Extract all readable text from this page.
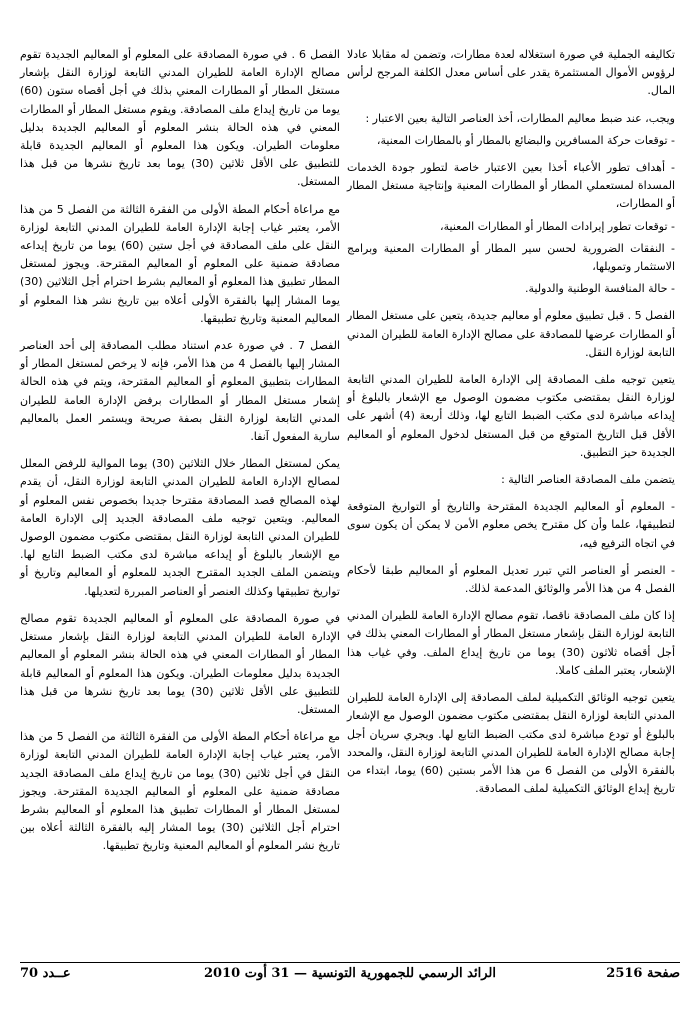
تكاليفه الجملية في صورة استغلاله لعدة مطارات، وتضمن له مقابلا عادلا لرؤوس الأموال المستثمرة يقدر على أساس معدل الكلفة المرجح لرأس المال.

ويجب، عند ضبط معاليم المطارات، أخذ العناصر التالية بعين الاعتبار :

- توقعات حركة المسافرين والبضائع بالمطار أو بالمطارات المعنية،

- أهداف تطور الأعباء أخذا بعين الاعتبار خاصة لتطور جودة الخدمات المسداة لمستعملي المطار أو المطارات المعنية وإنتاجية مستغل المطار أو المطارات،

- توقعات تطور إيرادات المطار أو المطارات المعنية،

- النفقات الضرورية لحسن سير المطار أو المطارات المعنية وبرامج الاستثمار وتمويلها،

- حالة المنافسة الوطنية والدولية.

الفصل 5 . قبل تطبيق معلوم أو معاليم جديدة، يتعين على مستغل المطار أو المطارات عرضها للمصادقة على مصالح الإدارة العامة للطيران المدني التابعة لوزارة النقل.

يتعين توجيه ملف المصادقة إلى الإدارة العامة للطيران المدني التابعة لوزارة النقل بمقتضى مكتوب مضمون الوصول مع الإشعار بالبلوغ أو إيداعه مباشرة لدى مكتب الضبط التابع لها، وذلك أربعة (4) أشهر على الأقل قبل التاريخ المتوقع من قبل المستغل لدخول المعلوم أو المعاليم الجديدة حيز التطبيق.

يتضمن ملف المصادقة العناصر التالية :

- المعلوم أو المعاليم الجديدة المقترحة والتاريخ أو التواريخ المتوقعة لتطبيقها، علما وأن كل مقترح يخص معلوم الأمن لا يمكن أن يكون سوى في اتجاه الترفيع فيه،

- العنصر أو العناصر التي تبرر تعديل المعلوم أو المعاليم طبقا لأحكام الفصل 4 من هذا الأمر والوثائق المدعمة لذلك.

إذا كان ملف المصادقة ناقصا، تقوم مصالح الإدارة العامة للطيران المدني التابعة لوزارة النقل بإشعار مستغل المطار أو المطارات المعني بذلك في أجل أقصاه ثلاثون (30) يوما من تاريخ إيداع الملف. وفي غياب هذا الإشعار، يعتبر الملف كاملا.

يتعين توجيه الوثائق التكميلية لملف المصادقة إلى الإدارة العامة للطيران المدني التابعة لوزارة النقل بمقتضى مكتوب مضمون الوصول مع الإشعار بالبلوغ أو تودع مباشرة لدى مكتب الضبط التابع لها. ويجري سريان أجل إجابة مصالح الإدارة العامة للطيران المدني التابعة لوزارة النقل، والمحدد بالفقرة الأولى من الفصل 6 من هذا الأمر بستين (60) يوما، ابتداء من تاريخ إيداع الوثائق التكميلية لملف المصادقة.

الفصل 6 . في صورة المصادقة على المعلوم أو المعاليم الجديدة تقوم مصالح الإدارة العامة للطيران المدني التابعة لوزارة النقل بإشعار مستغل المطار أو المطارات المعني بذلك في أجل أقصاه ستون (60) يوما من تاريخ إيداع ملف المصادقة. ويقوم مستغل المطار أو المطارات المعني في هذه الحالة بنشر المعلوم أو المعاليم الجديدة بدليل معلومات الطيران. ويكون هذا المعلوم أو المعاليم الجديدة قابلة للتطبيق على الأقل ثلاثين (30) يوما بعد تاريخ نشرها من قبل هذا المستغل.

مع مراعاة أحكام المطة الأولى من الفقرة الثالثة من الفصل 5 من هذا الأمر، يعتبر غياب إجابة الإدارة العامة للطيران المدني التابعة لوزارة النقل على ملف المصادقة في أجل ستين (60) يوما من تاريخ إيداعه مصادقة ضمنية على المعلوم أو المعاليم المقترحة. ويجوز لمستغل المطار تطبيق هذا المعلوم أو المعاليم بشرط احترام أجل الثلاثين (30) يوما المشار إليها بالفقرة الأولى أعلاه بين تاريخ نشر هذا المعلوم أو المعاليم المعنية وتاريخ تطبيقها.

الفصل 7 . في صورة عدم استناد مطلب المصادقة إلى أحد العناصر المشار إليها بالفصل 4 من هذا الأمر، فإنه لا يرخص لمستغل المطار أو المطارات بتطبيق المعلوم أو المعاليم المقترحة، ويتم في هذه الحالة إشعار مستغل المطار أو المطارات برفض الإدارة العامة للطيران المدني التابعة لوزارة النقل بصفة صريحة ويستمر العمل بالمعاليم سارية المفعول آنفا.

يمكن لمستغل المطار خلال الثلاثين (30) يوما الموالية للرفض المعلل لمصالح الإدارة العامة للطيران المدني التابعة لوزارة النقل، أن يقدم لهذه المصالح قصد المصادقة مقترحا جديدا بخصوص نفس المعلوم أو المعاليم. ويتعين توجيه ملف المصادقة الجديد إلى الإدارة العامة للطيران المدني التابعة لوزارة النقل بمقتضى مكتوب مضمون الوصول مع الإشعار بالبلوغ أو إيداعه مباشرة لدى مكتب الضبط التابع لها. ويتضمن الملف الجديد المقترح الجديد للمعلوم أو المعاليم وتاريخ أو تواريخ تطبيقها وكذلك العنصر أو العناصر المبررة لتعديلها.

في صورة المصادقة على المعلوم أو المعاليم الجديدة تقوم مصالح الإدارة العامة للطيران المدني التابعة لوزارة النقل بإشعار مستغل المطار أو المطارات المعني في هذه الحالة بنشر المعلوم أو المعاليم الجديدة بدليل معلومات الطيران. ويكون هذا المعلوم أو المعاليم قابلة للتطبيق على الأقل ثلاثين (30) يوما بعد تاريخ نشرها من قبل هذا المستغل.

مع مراعاة أحكام المطة الأولى من الفقرة الثالثة من الفصل 5 من هذا الأمر، يعتبر غياب إجابة الإدارة العامة للطيران المدني التابعة لوزارة النقل في أجل ثلاثين (30) يوما من تاريخ إيداع ملف المصادقة الجديد مصادقة ضمنية على المعلوم أو المعاليم الجديدة المقترحة. ويجوز لمستغل المطار أو المطارات تطبيق هذا المعلوم أو المعاليم بشرط احترام أجل الثلاثين (30) يوما المشار إليه بالفقرة الثالثة أعلاه بين تاريخ نشر المعلوم أو المعاليم المعنية وتاريخ تطبيقها.

صفحة 2516
الرائد الرسمي للجمهورية التونسية — 31 أوت 2010
عــدد 70
